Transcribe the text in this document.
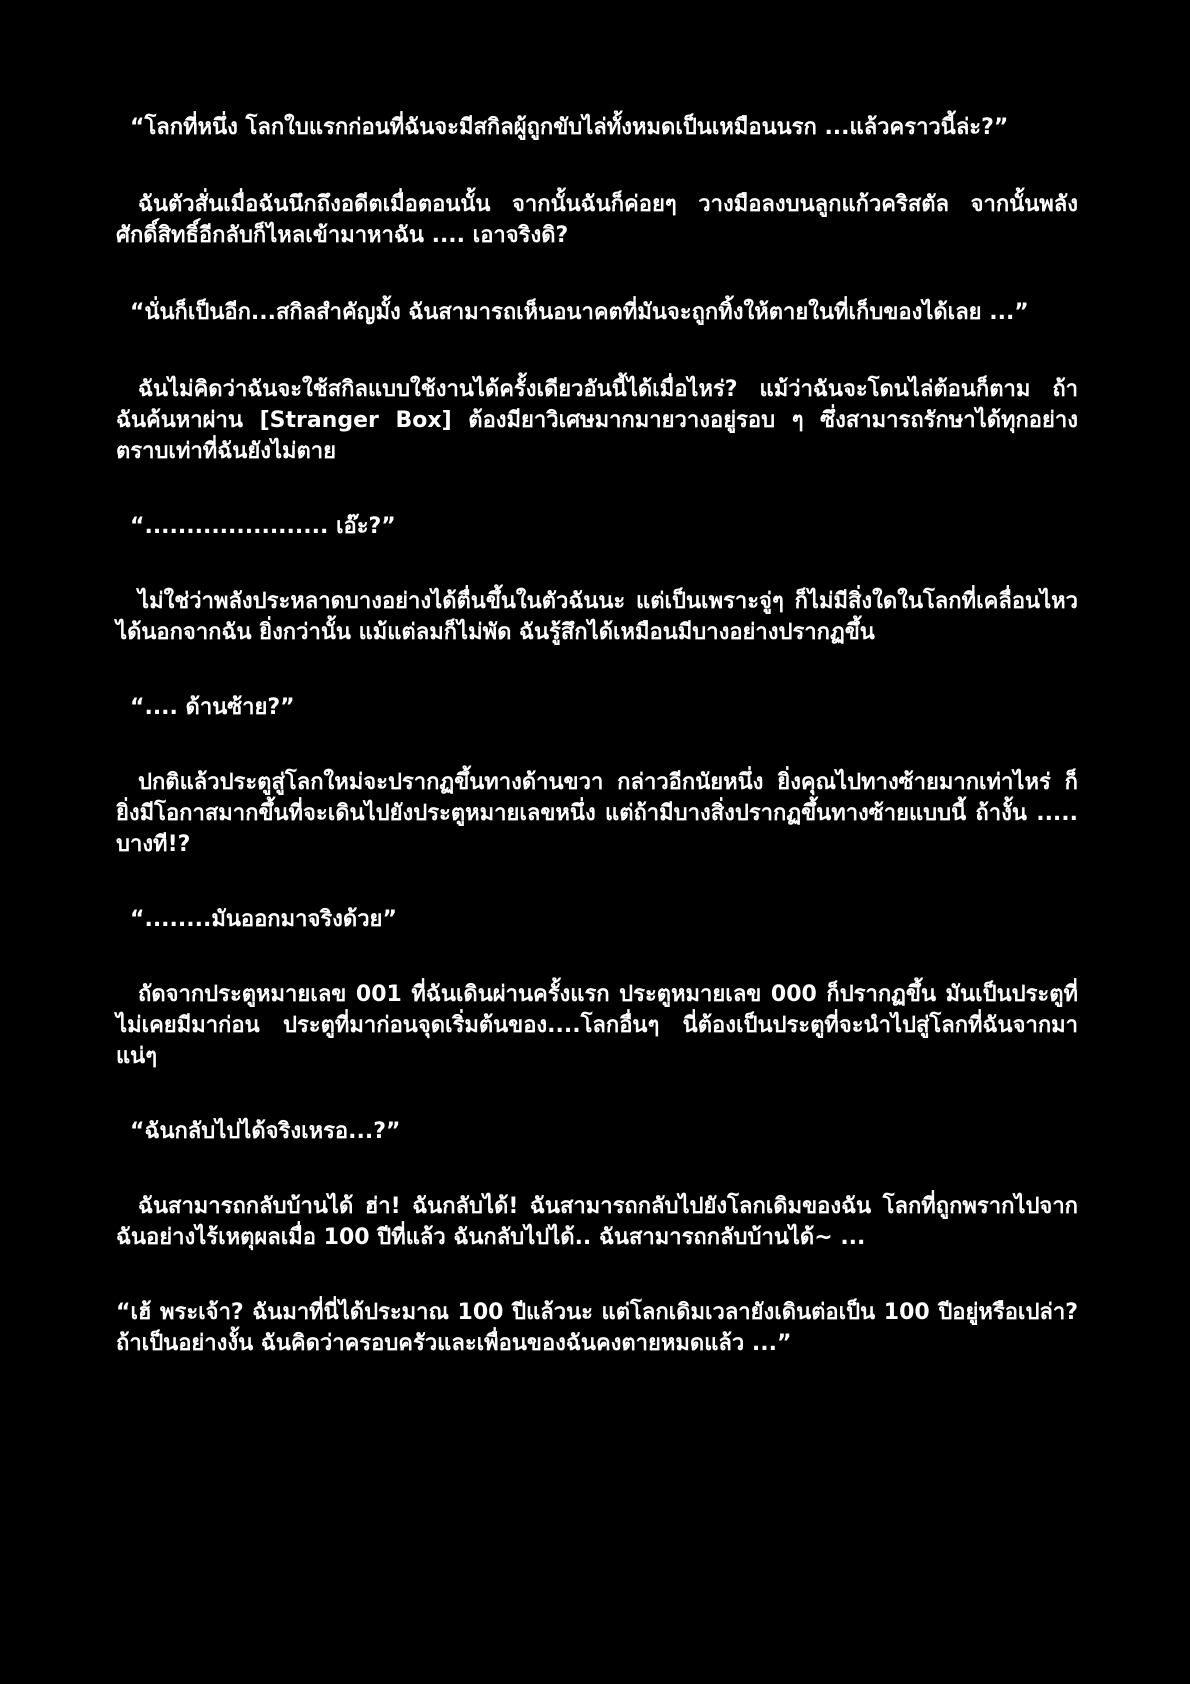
“โลกที่หนึ่ง โลกใบแรกก่อนที่ฉันจะมีสกิลผู้ถูกขับไล่ทั้งหมดเป็นเหมือนนรก ...แล้วคราวนี้ล่ะ?”

ฉันตัวสั่นเมื่อฉันนึกถึงอดีตเมื่อตอนนั้น จากนั้นฉันก็ค่อยๆ วางมือลงบนลูกแก้วคริสตัล จากนั้นพลังศักดิ์สิทธิ์อีกลับก็ไหลเข้ามาหาฉัน .... เอาจริงดิ?

“นั่นก็เป็นอีก...สกิลสำคัญมั้ง ฉันสามารถเห็นอนาคตที่มันจะถูกทิ้งให้ตายในที่เก็บของได้เลย ...”

ฉันไม่คิดว่าฉันจะใช้สกิลแบบใช้งานได้ครั้งเดียวอันนี้ได้เมื่อไหร่? แม้ว่าฉันจะโดนไล่ต้อนก็ตาม ถ้าฉันค้นหาผ่าน [Stranger Box] ต้องมียาวิเศษมากมายวางอยู่รอบ ๆ ซึ่งสามารถรักษาได้ทุกอย่างตราบเท่าที่ฉันยังไม่ตาย

“...................... เอ๊ะ?”

ไม่ใช่ว่าพลังประหลาดบางอย่างได้ตื่นขึ้นในตัวฉันนะ แต่เป็นเพราะจู่ๆ ก็ไม่มีสิ่งใดในโลกที่เคลื่อนไหวได้นอกจากฉัน ยิ่งกว่านั้น แม้แต่ลมก็ไม่พัด ฉันรู้สึกได้เหมือนมีบางอย่างปรากฏขึ้น

“.... ด้านซ้าย?”

ปกติแล้วประตูสู่โลกใหม่จะปรากฏขึ้นทางด้านขวา กล่าวอีกนัยหนึ่ง ยิ่งคุณไปทางซ้ายมากเท่าไหร่ ก็ยิ่งมีโอกาสมากขึ้นที่จะเดินไปยังประตูหมายเลขหนึ่ง แต่ถ้ามีบางสิ่งปรากฏขึ้นทางซ้ายแบบนี้ ถ้างั้น ..... บางที!?

“........มันออกมาจริงด้วย”

ถัดจากประตูหมายเลข 001 ที่ฉันเดินผ่านครั้งแรก ประตูหมายเลข 000 ก็ปรากฏขึ้น มันเป็นประตูที่ไม่เคยมีมาก่อน ประตูที่มาก่อนจุดเริ่มต้นของ....โลกอื่นๆ นี่ต้องเป็นประตูที่จะนำไปสู่โลกที่ฉันจากมาแน่ๆ

“ฉันกลับไปได้จริงเหรอ...?”

ฉันสามารถกลับบ้านได้ ฮ่า! ฉันกลับได้! ฉันสามารถกลับไปยังโลกเดิมของฉัน โลกที่ถูกพรากไปจากฉันอย่างไร้เหตุผลเมื่อ 100 ปีที่แล้ว ฉันกลับไปได้.. ฉันสามารถกลับบ้านได้~ ...

“เฮ้ พระเจ้า? ฉันมาที่นี่ได้ประมาณ 100 ปีแล้วนะ แต่โลกเดิมเวลายังเดินต่อเป็น 100 ปีอยู่หรือเปล่า? ถ้าเป็นอย่างงั้น ฉันคิดว่าครอบครัวและเพื่อนของฉันคงตายหมดแล้ว ...”
